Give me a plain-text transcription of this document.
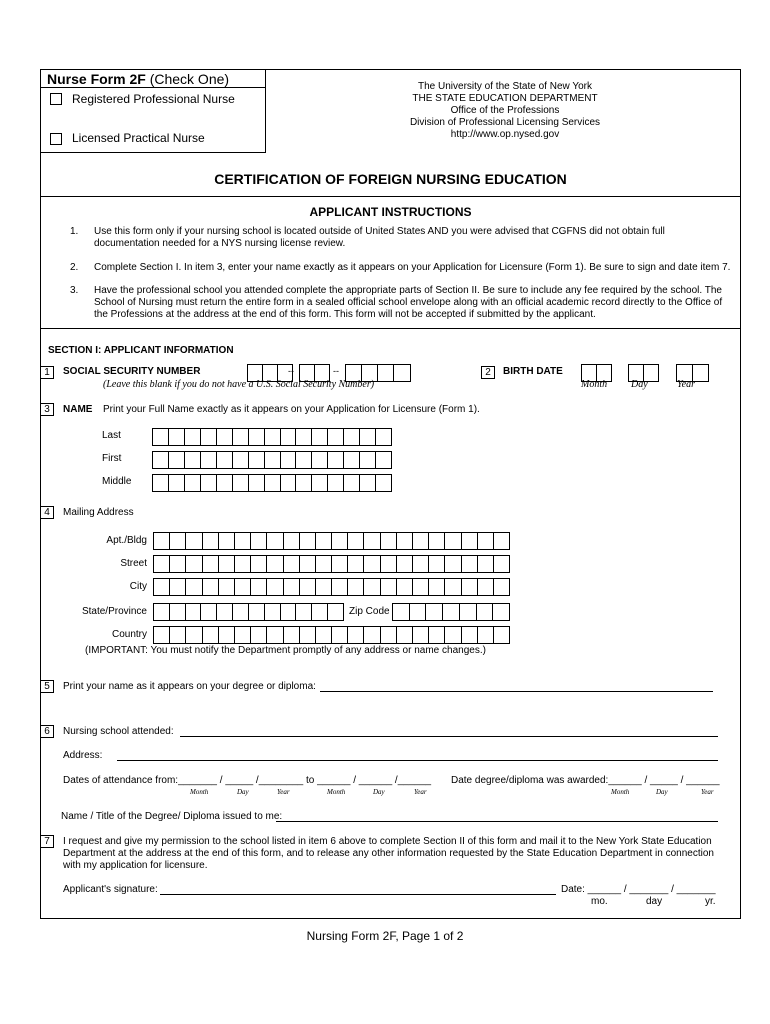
Nurse Form 2F (Check One)
Registered Professional Nurse
Licensed Practical Nurse
The University of the State of New York
THE STATE EDUCATION DEPARTMENT
Office of the Professions
Division of Professional Licensing Services
http://www.op.nysed.gov
CERTIFICATION OF FOREIGN NURSING EDUCATION
APPLICANT INSTRUCTIONS
1. Use this form only if your nursing school is located outside of United States AND you were advised that CGFNS did not obtain full
documentation needed for a NYS nursing license review.
2. Complete Section I. In item 3, enter your name exactly as it appears on your Application for Licensure (Form 1). Be sure to sign and date item 7.
3. Have the professional school you attended complete the appropriate parts of Section II. Be sure to include any fee required by the school. The
School of Nursing must return the entire form in a sealed official school envelope along with an official academic record directly to the Office of
the Professions at the address at the end of this form. This form will not be accepted if submitted by the applicant.
SECTION I: APPLICANT INFORMATION
1	SOCIAL SECURITY NUMBER	--	--
(Leave this blank if you do not have a U.S. Social Security Number)
2	BIRTH DATE
Month Day	Year
3	NAME Print your Full Name exactly as it appears on your Application for Licensure (Form 1).
Last
First
Middle
4	Mailing Address
Apt./Bldg
Street
City
State/Province	Zip Code
Country
(IMPORTANT: You must notify the Department promptly of any address or name changes.)
5	Print your name as it appears on your degree or diploma:
6	Nursing school attended:
Address:
Dates of attendance from:_______ / _____ /________ to ______ / ______ /______ Date degree/diploma was awarded:______ / _____ / ______
Month	Day	Year	Month	Day	Year	Month	Day	Year
Name / Title of the Degree/ Diploma issued to me:
7	I request and give my permission to the school listed in item 6 above to complete Section II of this form and mail it to the New York State Education
Department at the address at the end of this form, and to release any other information requested by the State Education Department in connection
with my application for licensure.
Applicant's signature:	Date: ______ / _______ / _______
mo.	day	yr.
Nursing Form 2F, Page 1 of 2
